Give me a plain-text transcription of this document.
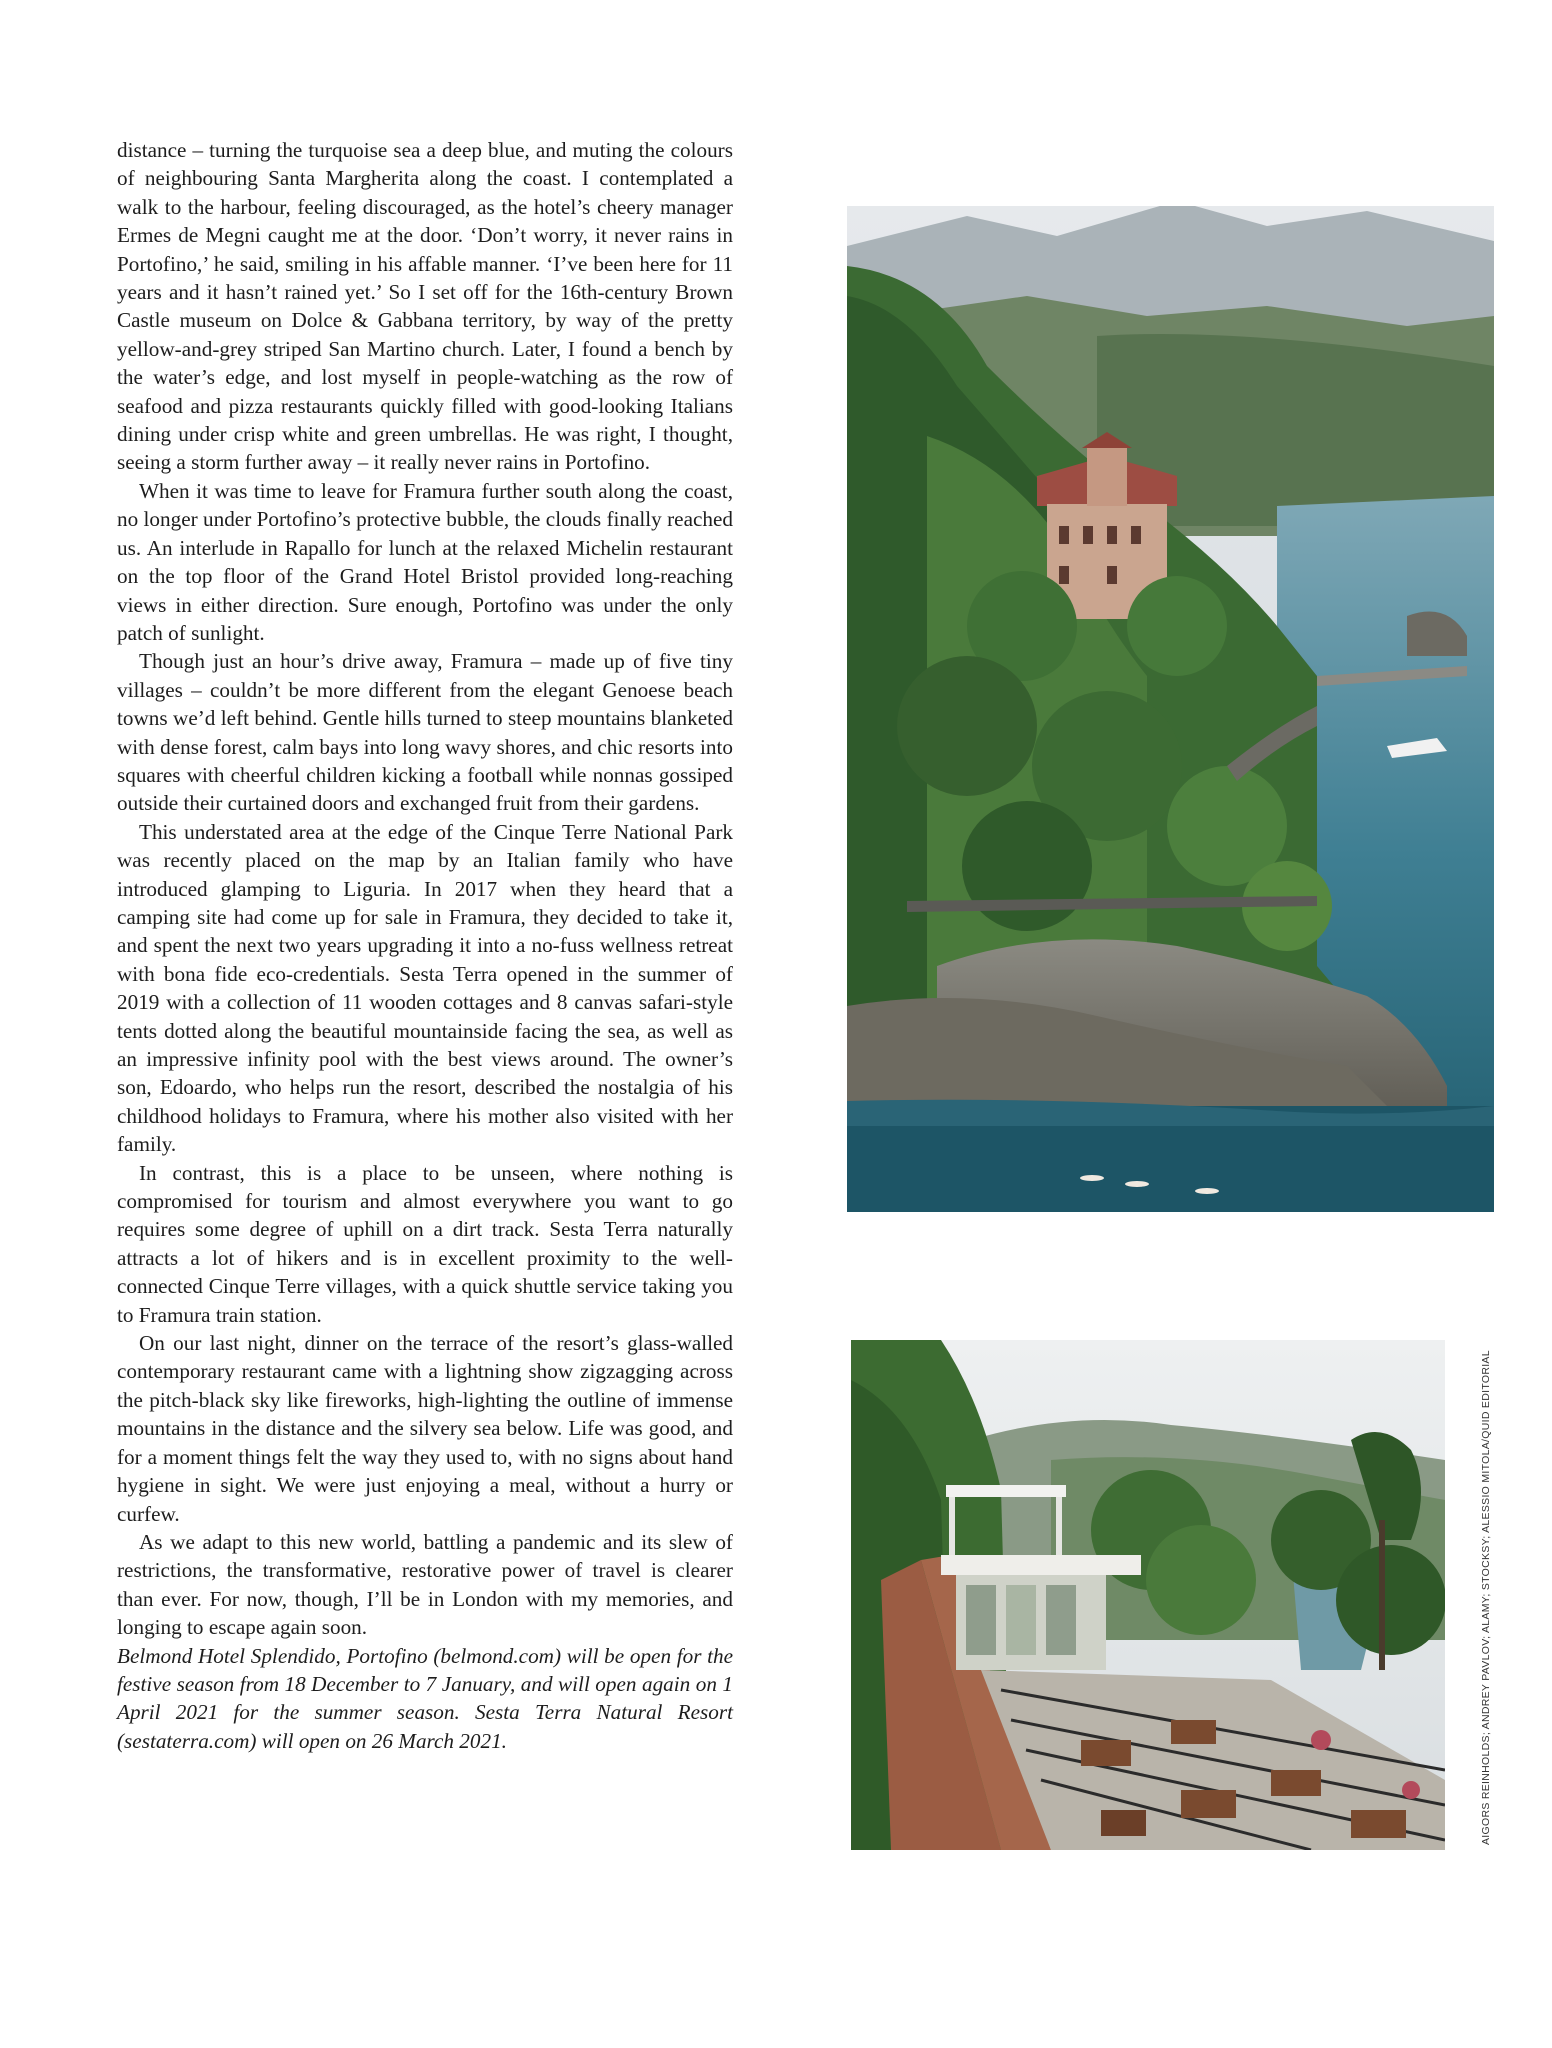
distance – turning the turquoise sea a deep blue, and muting the colours of neighbouring Santa Margherita along the coast. I contemplated a walk to the harbour, feeling discouraged, as the hotel’s cheery manager Ermes de Megni caught me at the door. ‘Don’t worry, it never rains in Portofino,’ he said, smiling in his affable manner. ‘I’ve been here for 11 years and it hasn’t rained yet.’ So I set off for the 16th-century Brown Castle museum on Dolce & Gabbana territory, by way of the pretty yellow-and-grey striped San Martino church. Later, I found a bench by the water’s edge, and lost myself in people-watching as the row of seafood and pizza restaurants quickly filled with good-looking Italians dining under crisp white and green umbrellas. He was right, I thought, seeing a storm further away – it really never rains in Portofino.

When it was time to leave for Framura further south along the coast, no longer under Portofino’s protective bubble, the clouds finally reached us. An interlude in Rapallo for lunch at the relaxed Michelin restaurant on the top floor of the Grand Hotel Bristol provided long-reaching views in either direction. Sure enough, Portofino was under the only patch of sunlight.

Though just an hour’s drive away, Framura – made up of five tiny villages – couldn’t be more different from the elegant Genoese beach towns we’d left behind. Gentle hills turned to steep mountains blanketed with dense forest, calm bays into long wavy shores, and chic resorts into squares with cheerful children kicking a football while nonnas gossiped outside their curtained doors and exchanged fruit from their gardens.

This understated area at the edge of the Cinque Terre National Park was recently placed on the map by an Italian family who have introduced glamping to Liguria. In 2017 when they heard that a camping site had come up for sale in Framura, they decided to take it, and spent the next two years upgrading it into a no-fuss wellness retreat with bona fide eco-credentials. Sesta Terra opened in the summer of 2019 with a collection of 11 wooden cottages and 8 canvas safari-style tents dotted along the beautiful mountainside facing the sea, as well as an impressive infinity pool with the best views around. The owner’s son, Edoardo, who helps run the resort, described the nostalgia of his childhood holidays to Framura, where his mother also visited with her family.

In contrast, this is a place to be unseen, where nothing is compromised for tourism and almost everywhere you want to go requires some degree of uphill on a dirt track. Sesta Terra naturally attracts a lot of hikers and is in excellent proximity to the well-connected Cinque Terre villages, with a quick shuttle service taking you to Framura train station.

On our last night, dinner on the terrace of the resort’s glass-walled contemporary restaurant came with a lightning show zigzagging across the pitch-black sky like fireworks, high-lighting the outline of immense mountains in the distance and the silvery sea below. Life was good, and for a moment things felt the way they used to, with no signs about hand hygiene in sight. We were just enjoying a meal, without a hurry or curfew.

As we adapt to this new world, battling a pandemic and its slew of restrictions, the transformative, restorative power of travel is clearer than ever. For now, though, I’ll be in London with my memories, and longing to escape again soon.

Belmond Hotel Splendido, Portofino (belmond.com) will be open for the festive season from 18 December to 7 January, and will open again on 1 April 2021 for the summer season. Sesta Terra Natural Resort (sestaterra.com) will open on 26 March 2021.	AIGORS REINHOLDS; ANDREY PAVLOV; ALAMY; STOCKSY; ALESSIO MITOLA/QUID EDITORIAL
